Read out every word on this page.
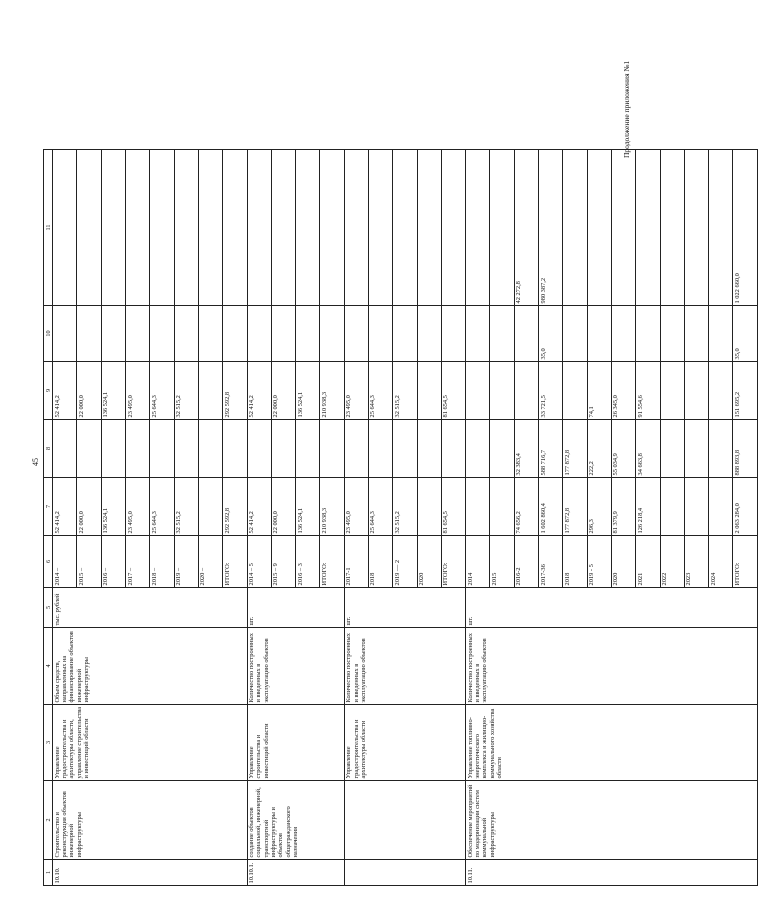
Продолжение приложения №1
45
1	2	3	4	5	6	7	8	9	10	11
10.10.	Строительство и реконструкция объектов инженерной инфраструктуры	Управление градостроительства и архитектуры области, управление строительства и инвестиций области	Объем средств, направленных на финансирование объектов инженерной инфраструктуры	тыс. рублей	2014 –	52 414,2		52 414,2		
					2015 –	22 000,0		22 000,0		
					2016 –	136 524,1		136 524,1		
					2017 –	23 495,0		23 495,0		
					2018 –	25 644,3		25 644,3		
					2019 –	32 515,2		32 515,2		
					2020 –					
					ИТОГО:	292 592,8		292 592,8		
10.10.1.	создание объектов социальной, инженерной, транспортной инфраструктуры и объектов общегражданского назначения	Управление строительства и инвестиций области	Количество построенных и введенных в эксплуатацию объектов	шт.	2014 – 5	52 414,2		52 414,2		
					2015 – 9	22 000,0		22 000,0		
					2016 – 3	136 524,1		136 524,1		
					ИТОГО:	210 938,3		210 938,3		
		Управление градостроительства и архитектуры области	Количество построенных и введенных в эксплуатацию объектов	шт.	2017-1	23 495,0		23 495,0		
					2018	25 644,3		25 644,3		
					2019 — 2	32 515,2		32 515,2		
					2020					
					ИТОГО:	81 654,5		81 654,5		
10.11.	Обеспечение мероприятий по модернизации систем коммунальной инфраструктуры	Управление топливно-энергетического комплекса и жилищно-коммунального хозяйства области	Количество построенных и введенных в эксплуатацию объектов	шт.	2014					
					2015					
					2016-2	74 656,2	32 383,4			42 272,8
					2017-36	1 602 860,4	588 716,7	33 721,5	35,0	980 387,2
					2018	177 872,8	177 872,8			
					2019 - 5	296,3	222,2	74,1		
					2020	81 379,9	55 034,9	26 345,0		
					2021	126 218,4	34 663,8	91 554,6		
					2022					
					2023					
					2024					
					ИТОГО:	2 063 284,0	888 893,8	151 695,2	35,0	1 022 660,0
